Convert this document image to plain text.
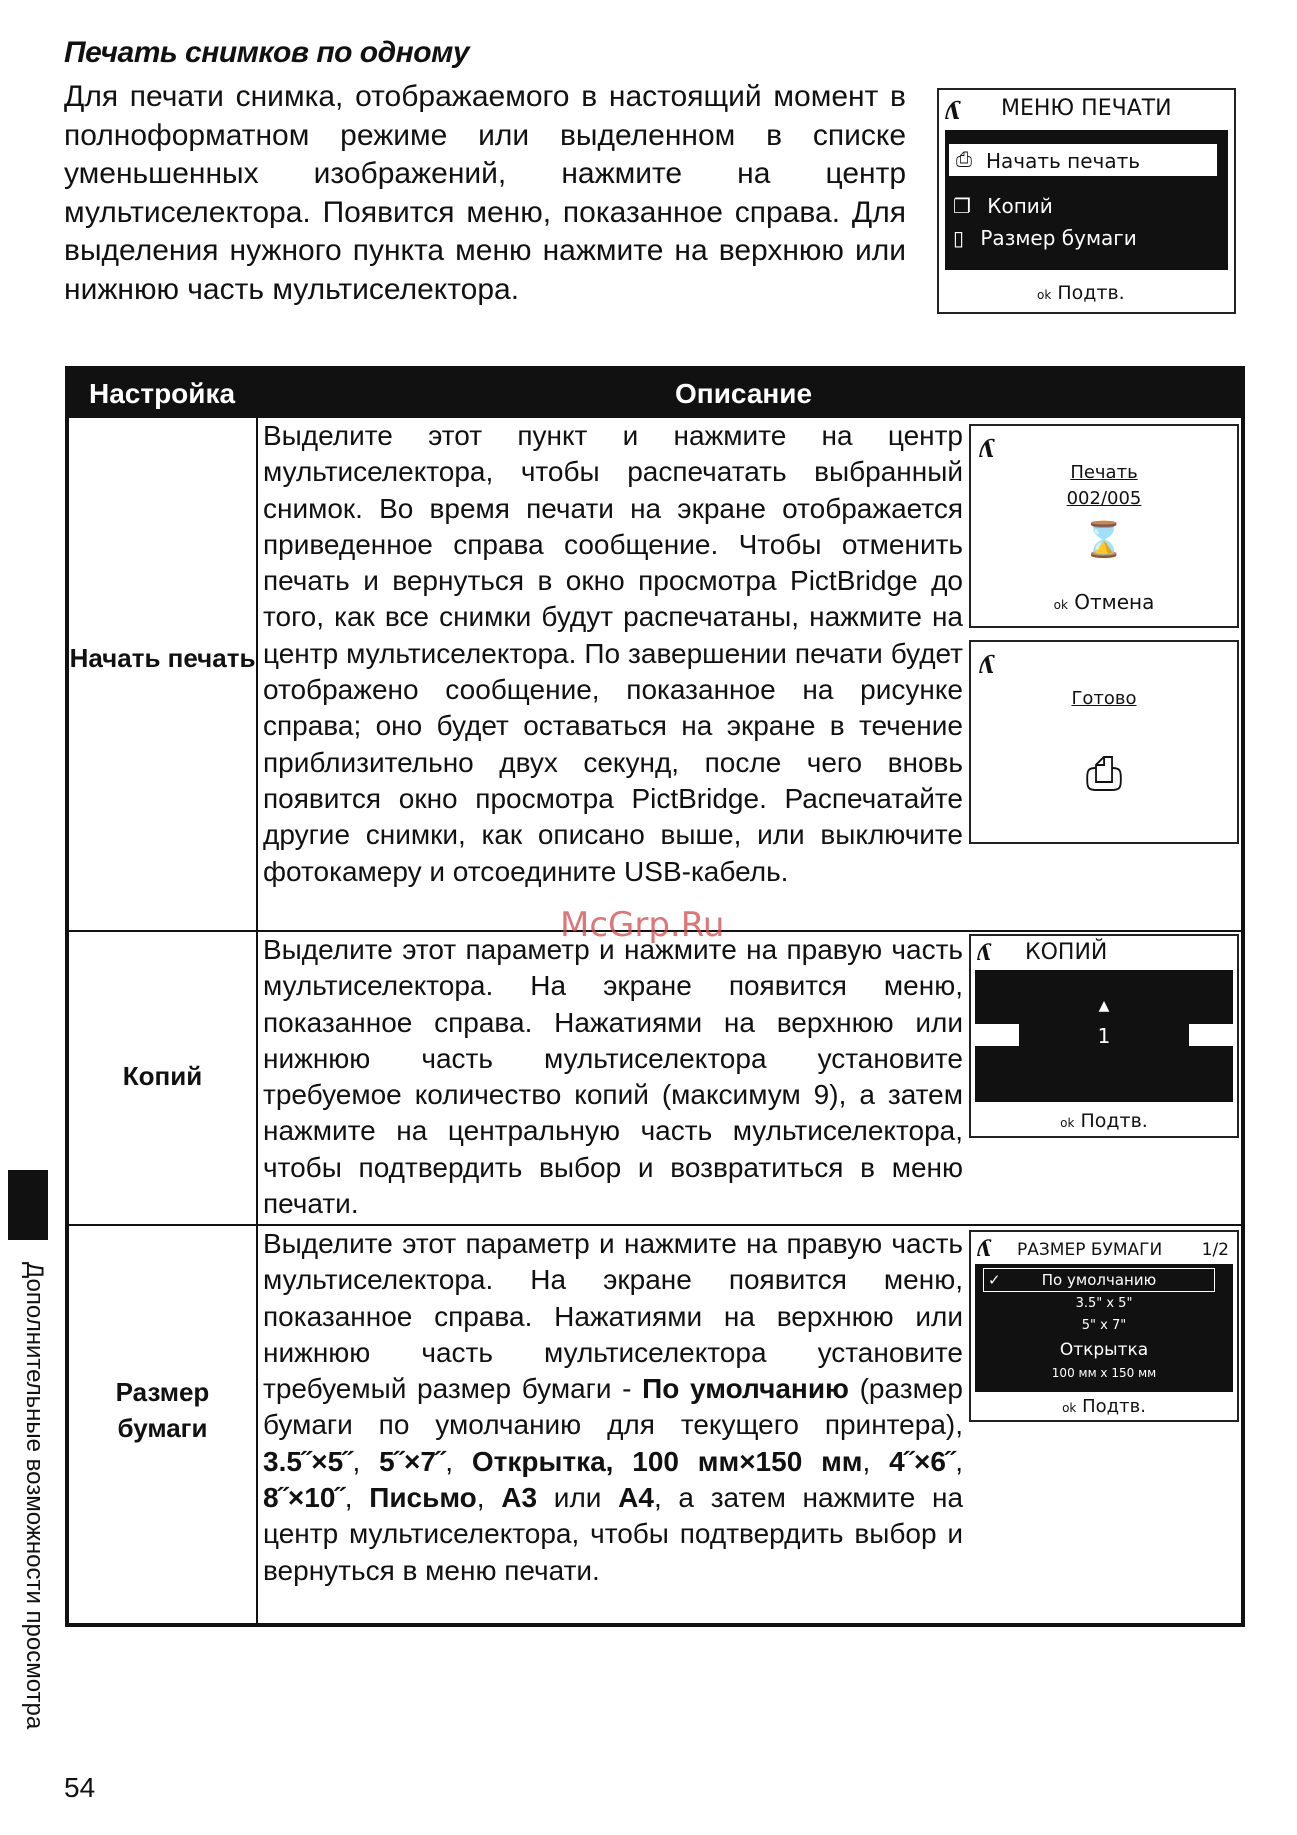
Печать снимков по одному
Для печати снимка, отображаемого в настоящий момент в полноформатном режиме или выделенном в списке уменьшенных изображений, нажмите на центр мультиселектора. Появится меню, показанное справа. Для выделения нужного пункта меню нажмите на верхнюю или нижнюю часть мультиселектора.
ʎ МЕНЮ ПЕЧАТИ
⎙ Начать печать
❐ Копий
▯ Размер бумаги
ok Подтв.
Настройка	Описание
Начать печать
Выделите этот пункт и нажмите на центр мультиселектора, чтобы распечатать выбранный снимок. Во время печати на экране отображается приведенное справа сообщение. Чтобы отменить печать и вернуться в окно просмотра PictBridge до того, как все снимки будут распечатаны, нажмите на центр мультиселектора. По завершении печати будет отображено сообщение, показанное на рисунке справа; оно будет оставаться на экране в течение приблизительно двух секунд, после чего вновь появится окно просмотра PictBridge. Распечатайте другие снимки, как описано выше, или выключите фотокамеру и отсоедините USB-кабель.
ʎ
Печать
002/005
⌛
ok Отмена
ʎ
Готово
⎙
Копий
Выделите этот параметр и нажмите на правую часть мультиселектора. На экране появится меню, показанное справа. Нажатиями на верхнюю или нижнюю часть мультиселектора установите требуемое количество копий (максимум 9), а затем нажмите на центральную часть мультиселектора, чтобы подтвердить выбор и возвратиться в меню печати.
ʎ КОПИЙ
▲
1
ok Подтв.
Размер бумаги
Выделите этот параметр и нажмите на правую часть мультиселектора. На экране появится меню, показанное справа. Нажатиями на верхнюю или нижнюю часть мультиселектора установите требуемый размер бумаги - По умолчанию (размер бумаги по умолчанию для текущего принтера), 3.5˝×5˝, 5˝×7˝, Открытка, 100 мм×150 мм, 4˝×6˝, 8˝×10˝, Письмо, A3 или A4, а затем нажмите на центр мультиселектора, чтобы подтвердить выбор и вернуться в меню печати.
ʎ РАЗМЕР БУМАГИ 1/2
✓	По умолчанию
3.5" x 5"
5" x 7"
Открытка
100 мм x 150 мм
ok Подтв.
McGrp.Ru
Дополнительные возможности просмотра
54
